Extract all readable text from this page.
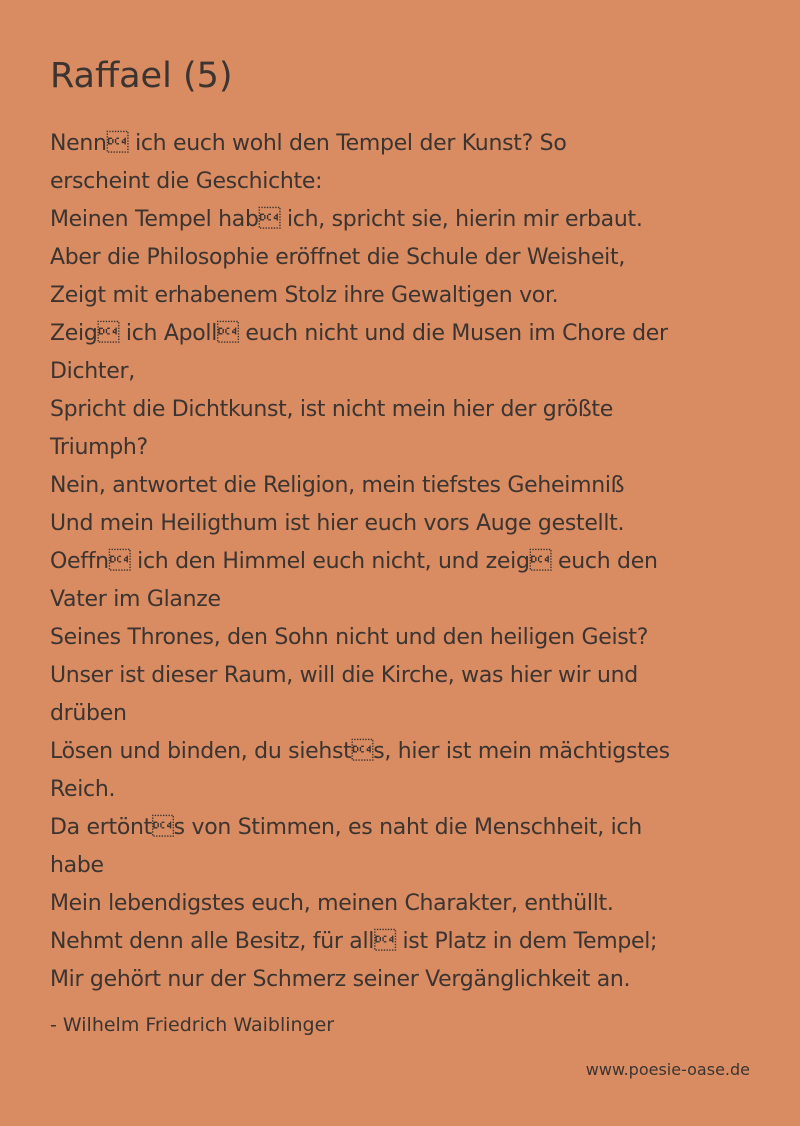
Raffael (5)
Nenn ich euch wohl den Tempel der Kunst? So
erscheint die Geschichte:
Meinen Tempel hab ich, spricht sie, hierin mir erbaut.
Aber die Philosophie eröffnet die Schule der Weisheit,
Zeigt mit erhabenem Stolz ihre Gewaltigen vor.
Zeig ich Apoll euch nicht und die Musen im Chore der
Dichter,
Spricht die Dichtkunst, ist nicht mein hier der größte
Triumph?
Nein, antwortet die Religion, mein tiefstes Geheimniß
Und mein Heiligthum ist hier euch vors Auge gestellt.
Oeffn ich den Himmel euch nicht, und zeig euch den
Vater im Glanze
Seines Thrones, den Sohn nicht und den heiligen Geist?
Unser ist dieser Raum, will die Kirche, was hier wir und
drüben
Lösen und binden, du siehsts, hier ist mein mächtigstes
Reich.
Da ertönts von Stimmen, es naht die Menschheit, ich
habe
Mein lebendigstes euch, meinen Charakter, enthüllt.
Nehmt denn alle Besitz, für all ist Platz in dem Tempel;
Mir gehört nur der Schmerz seiner Vergänglichkeit an.
- Wilhelm Friedrich Waiblinger
www.poesie-oase.de
